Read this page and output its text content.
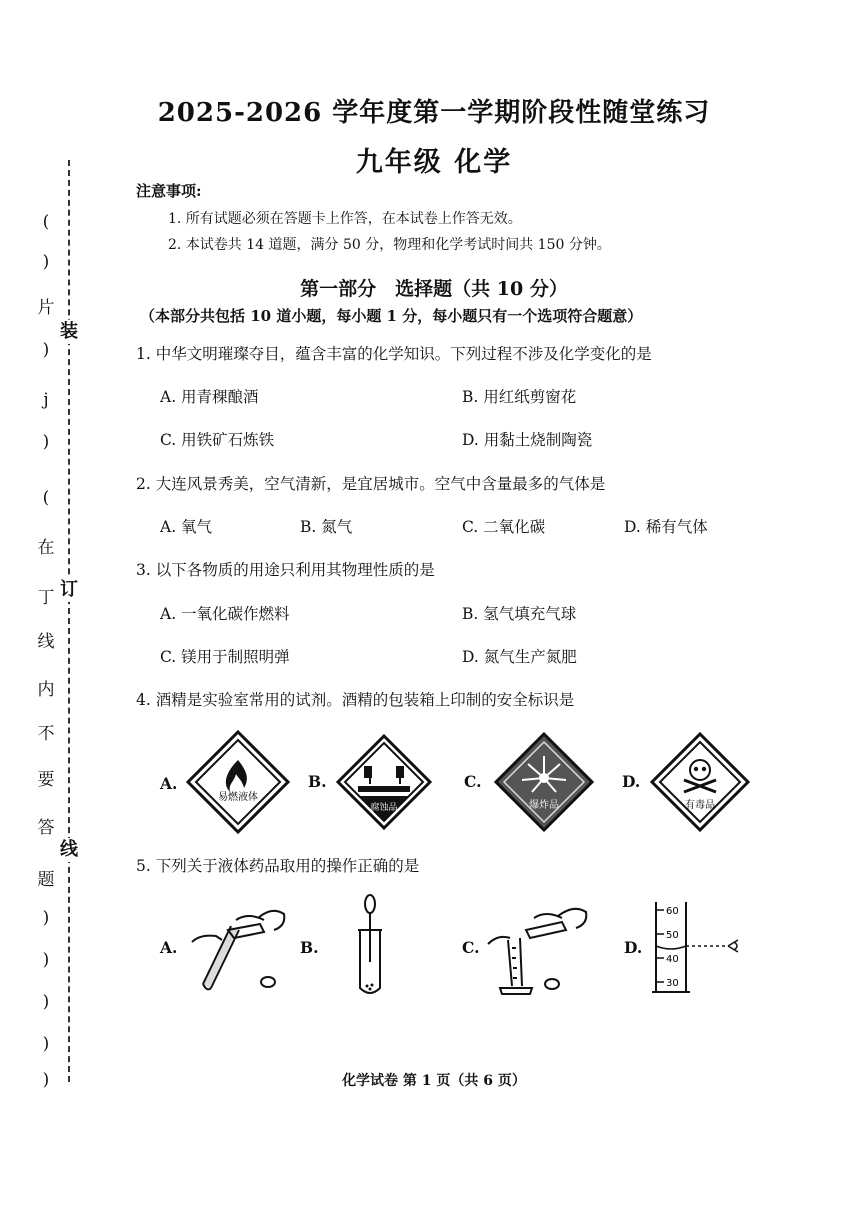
装
订
线
(
)
片
)
j
)
(
在
丁
线
内
不
要
答
题
)
)
)
)
)
2025-2026 学年度第一学期阶段性随堂练习
九年级 化学
注意事项:
1. 所有试题必须在答题卡上作答，在本试卷上作答无效。
2. 本试卷共 14 道题，满分 50 分，物理和化学考试时间共 150 分钟。
第一部分　选择题（共 10 分）
（本部分共包括 10 道小题，每小题 1 分，每小题只有一个选项符合题意）
1. 中华文明璀璨夺目，蕴含丰富的化学知识。下列过程不涉及化学变化的是
A. 用青稞酿酒	B. 用红纸剪窗花
C. 用铁矿石炼铁	D. 用黏土烧制陶瓷
2. 大连风景秀美，空气清新，是宜居城市。空气中含量最多的气体是
A. 氧气	B. 氮气	C. 二氧化碳	D. 稀有气体
3. 以下各物质的用途只利用其物理性质的是
A. 一氧化碳作燃料	B. 氢气填充气球
C. 镁用于制照明弹	D. 氮气生产氮肥
4. 酒精是实验室常用的试剂。酒精的包装箱上印制的安全标识是
A.	B.	C.	D.
易燃液体
腐蚀品	爆炸品	有毒品
5. 下列关于液体药品取用的操作正确的是
A.	B.	C.	D.
60
50
40
30
化学试卷 第 1 页（共 6 页）
